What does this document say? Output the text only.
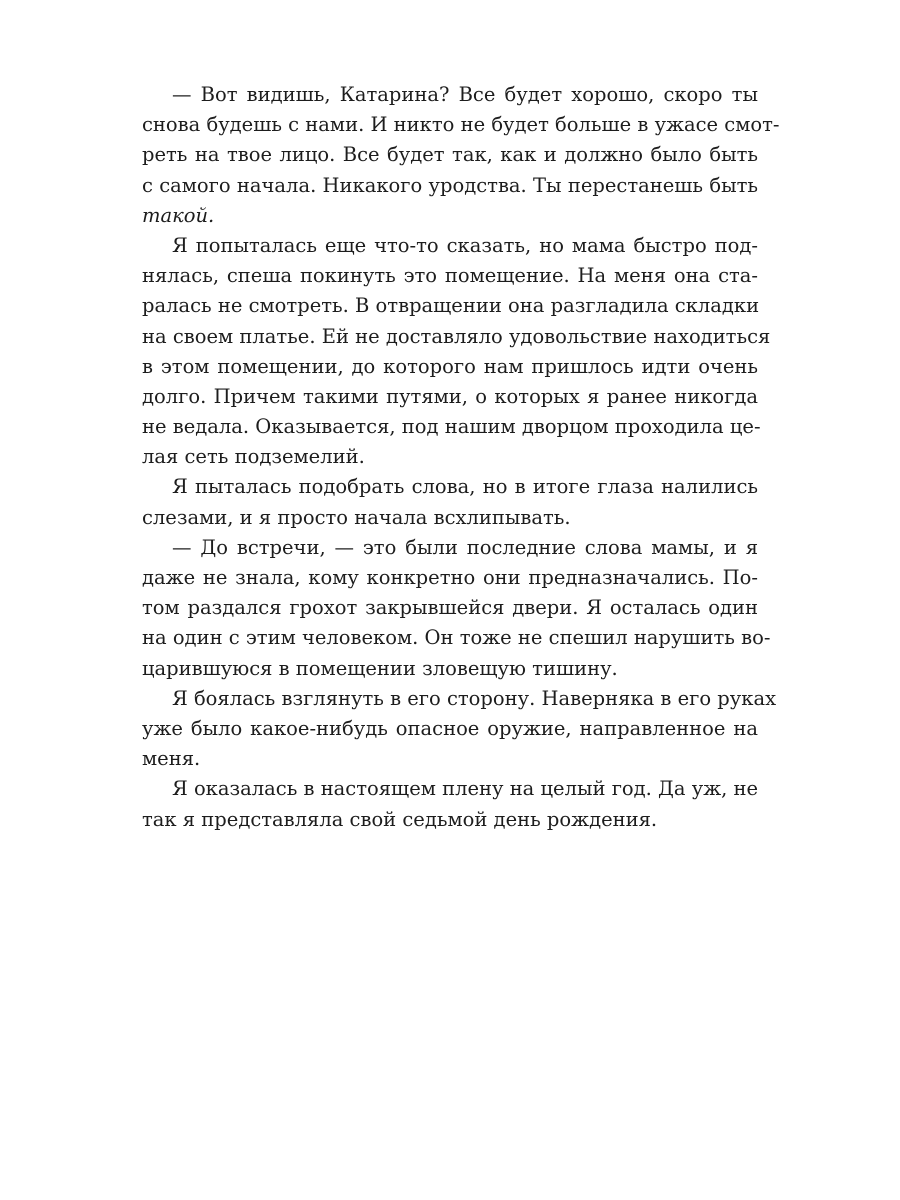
— Вот видишь, Катарина? Все будет хорошо, скоро ты
снова будешь с нами. И никто не будет больше в ужасе смот-
реть на твое лицо. Все будет так, как и должно было быть
с самого начала. Никакого уродства. Ты перестанешь быть
такой.
Я попыталась еще что-то сказать, но мама быстро под-
нялась, спеша покинуть это помещение. На меня она ста-
ралась не смотреть. В отвращении она разгладила складки
на своем платье. Ей не доставляло удовольствие находиться
в этом помещении, до которого нам пришлось идти очень
долго. Причем такими путями, о которых я ранее никогда
не ведала. Оказывается, под нашим дворцом проходила це-
лая сеть подземелий.
Я пыталась подобрать слова, но в итоге глаза налились
слезами, и я просто начала всхлипывать.
— До встречи, — это были последние слова мамы, и я
даже не знала, кому конкретно они предназначались. По-
том раздался грохот закрывшейся двери. Я осталась один
на один с этим человеком. Он тоже не спешил нарушить во-
царившуюся в помещении зловещую тишину.
Я боялась взглянуть в его сторону. Наверняка в его руках
уже было какое-нибудь опасное оружие, направленное на
меня.
Я оказалась в настоящем плену на целый год. Да уж, не
так я представляла свой седьмой день рождения.
